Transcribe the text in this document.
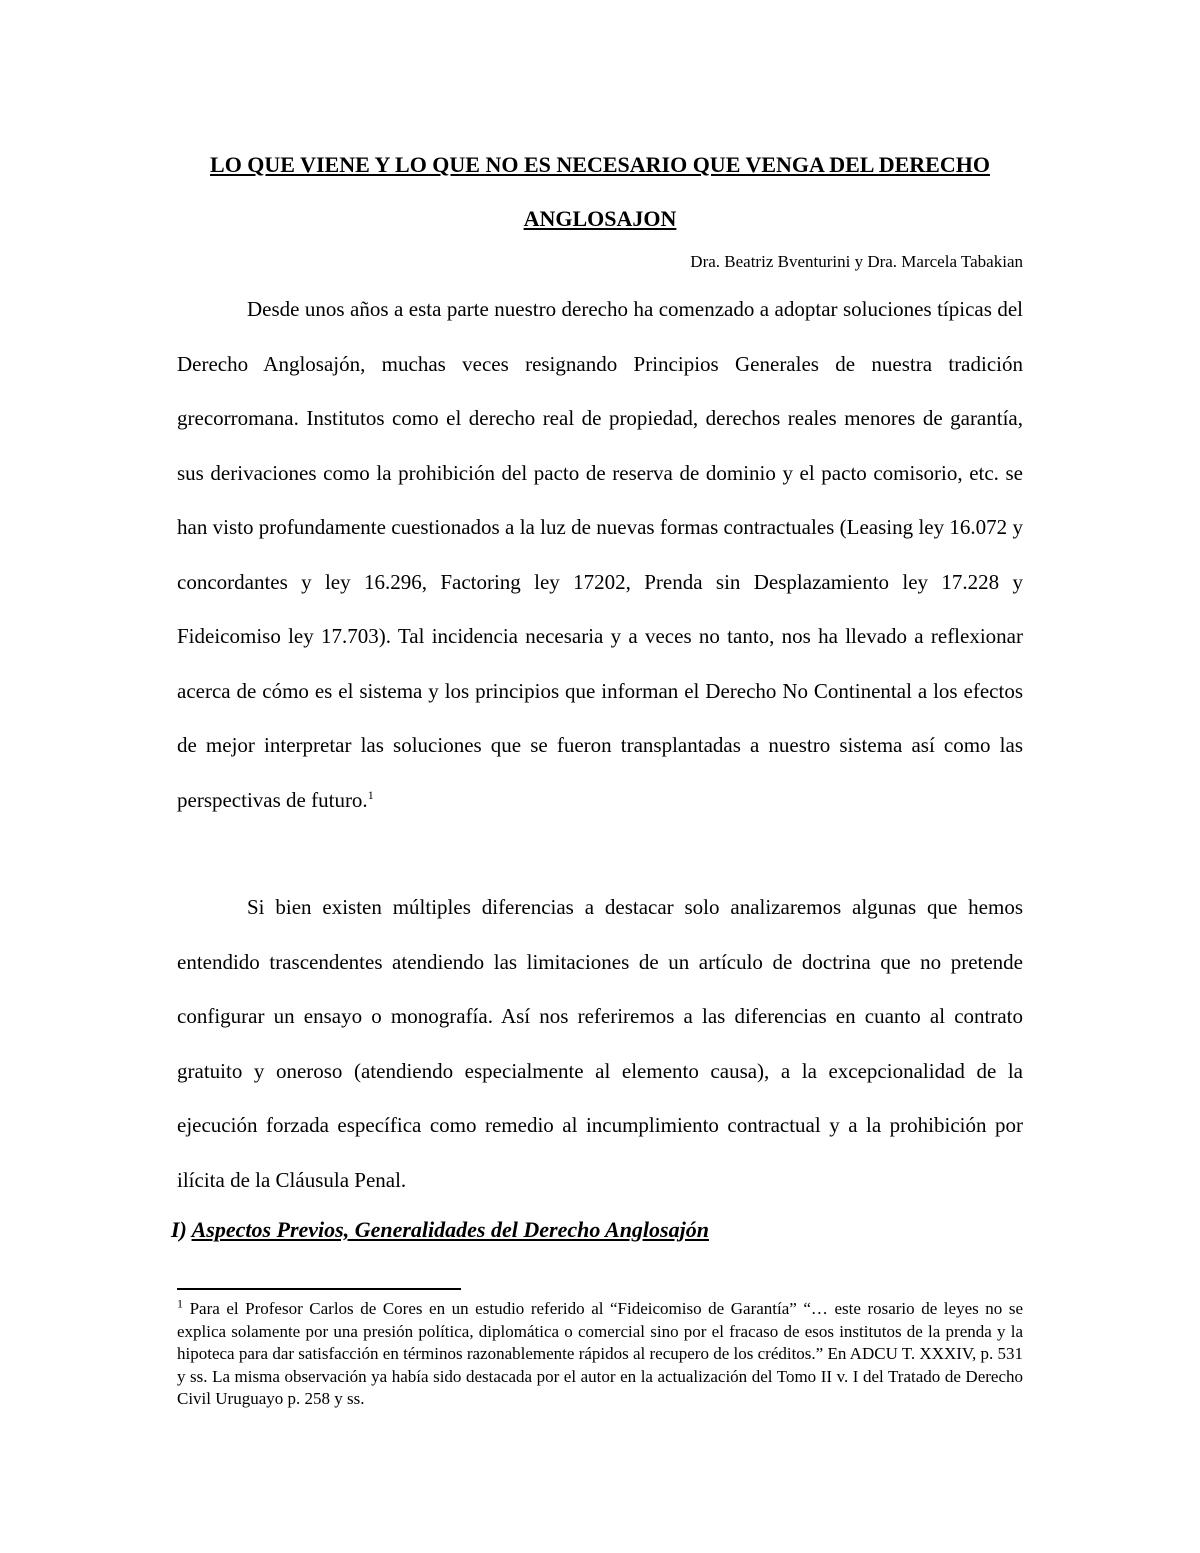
LO QUE VIENE Y LO QUE NO ES NECESARIO QUE VENGA DEL DERECHO ANGLOSAJON

Dra. Beatriz Bventurini y Dra. Marcela Tabakian

Desde unos años a esta parte nuestro derecho ha comenzado a adoptar soluciones típicas del Derecho Anglosajón, muchas veces resignando Principios Generales de nuestra tradición grecorromana. Institutos como el derecho real de propiedad, derechos reales menores de garantía, sus derivaciones como la prohibición del pacto de reserva de dominio y el pacto comisorio, etc. se han visto profundamente cuestionados a la luz de nuevas formas contractuales (Leasing ley 16.072 y concordantes y ley 16.296, Factoring ley 17202, Prenda sin Desplazamiento ley 17.228 y Fideicomiso ley 17.703). Tal incidencia necesaria y a veces no tanto, nos ha llevado a reflexionar acerca de cómo es el sistema y los principios que informan el Derecho No Continental a los efectos de mejor interpretar las soluciones que se fueron transplantadas a nuestro sistema así como las perspectivas de futuro.$^1$

Si bien existen múltiples diferencias a destacar solo analizaremos algunas que hemos entendido trascendentes atendiendo las limitaciones de un artículo de doctrina que no pretende configurar un ensayo o monografía. Así nos referiremos a las diferencias en cuanto al contrato gratuito y oneroso (atendiendo especialmente al elemento causa), a la excepcionalidad de la ejecución forzada específica como remedio al incumplimiento contractual y a la prohibición por ilícita de la Cláusula Penal.

I) Aspectos Previos, Generalidades del Derecho Anglosajón

$^1$ Para el Profesor Carlos de Cores en un estudio referido al “Fideicomiso de Garantía” “… este rosario de leyes no se explica solamente por una presión política, diplomática o comercial sino por el fracaso de esos institutos de la prenda y la hipoteca para dar satisfacción en términos razonablemente rápidos al recupero de los créditos.” En ADCU T. XXXIV, p. 531 y ss. La misma observación ya había sido destacada por el autor en la actualización del Tomo II v. I del Tratado de Derecho Civil Uruguayo p. 258 y ss.
